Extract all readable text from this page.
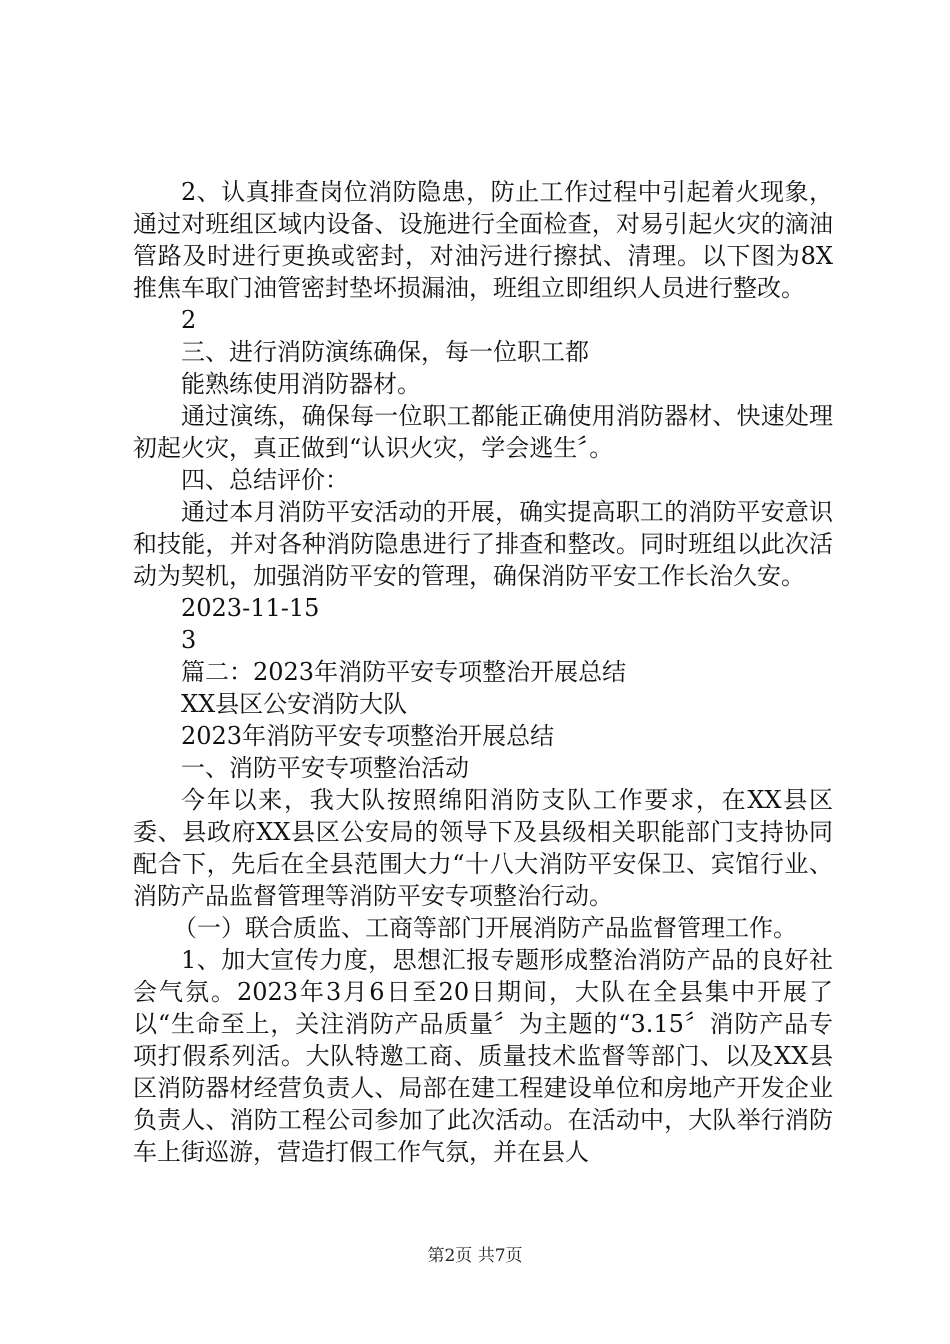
2、认真排查岗位消防隐患，防止工作过程中引起着火现象，通过对班组区域内设备、设施进行全面检查，对易引起火灾的滴油管路及时进行更换或密封，对油污进行擦拭、清理。以下图为8X推焦车取门油管密封垫坏损漏油，班组立即组织人员进行整改。

2

三、进行消防演练确保，每一位职工都

能熟练使用消防器材。

通过演练，确保每一位职工都能正确使用消防器材、快速处理初起火灾，真正做到“认识火灾，学会逃生〞。

四、总结评价：

通过本月消防平安活动的开展，确实提高职工的消防平安意识和技能，并对各种消防隐患进行了排查和整改。同时班组以此次活动为契机，加强消防平安的管理，确保消防平安工作长治久安。

2023-11-15

3

篇二：2023年消防平安专项整治开展总结

XX县区公安消防大队

2023年消防平安专项整治开展总结

一、消防平安专项整治活动

今年以来，我大队按照绵阳消防支队工作要求，在XX县区委、县政府XX县区公安局的领导下及县级相关职能部门支持协同配合下，先后在全县范围大力“十八大消防平安保卫、宾馆行业、消防产品监督管理等消防平安专项整治行动。

（一）联合质监、工商等部门开展消防产品监督管理工作。

1、加大宣传力度，思想汇报专题形成整治消防产品的良好社会气氛。2023年3月6日至20日期间，大队在全县集中开展了以“生命至上，关注消防产品质量〞为主题的“3.15〞消防产品专项打假系列活。大队特邀工商、质量技术监督等部门、以及XX县区消防器材经营负责人、局部在建工程建设单位和房地产开发企业负责人、消防工程公司参加了此次活动。在活动中，大队举行消防车上街巡游，营造打假工作气氛，并在县人

第2页 共7页
